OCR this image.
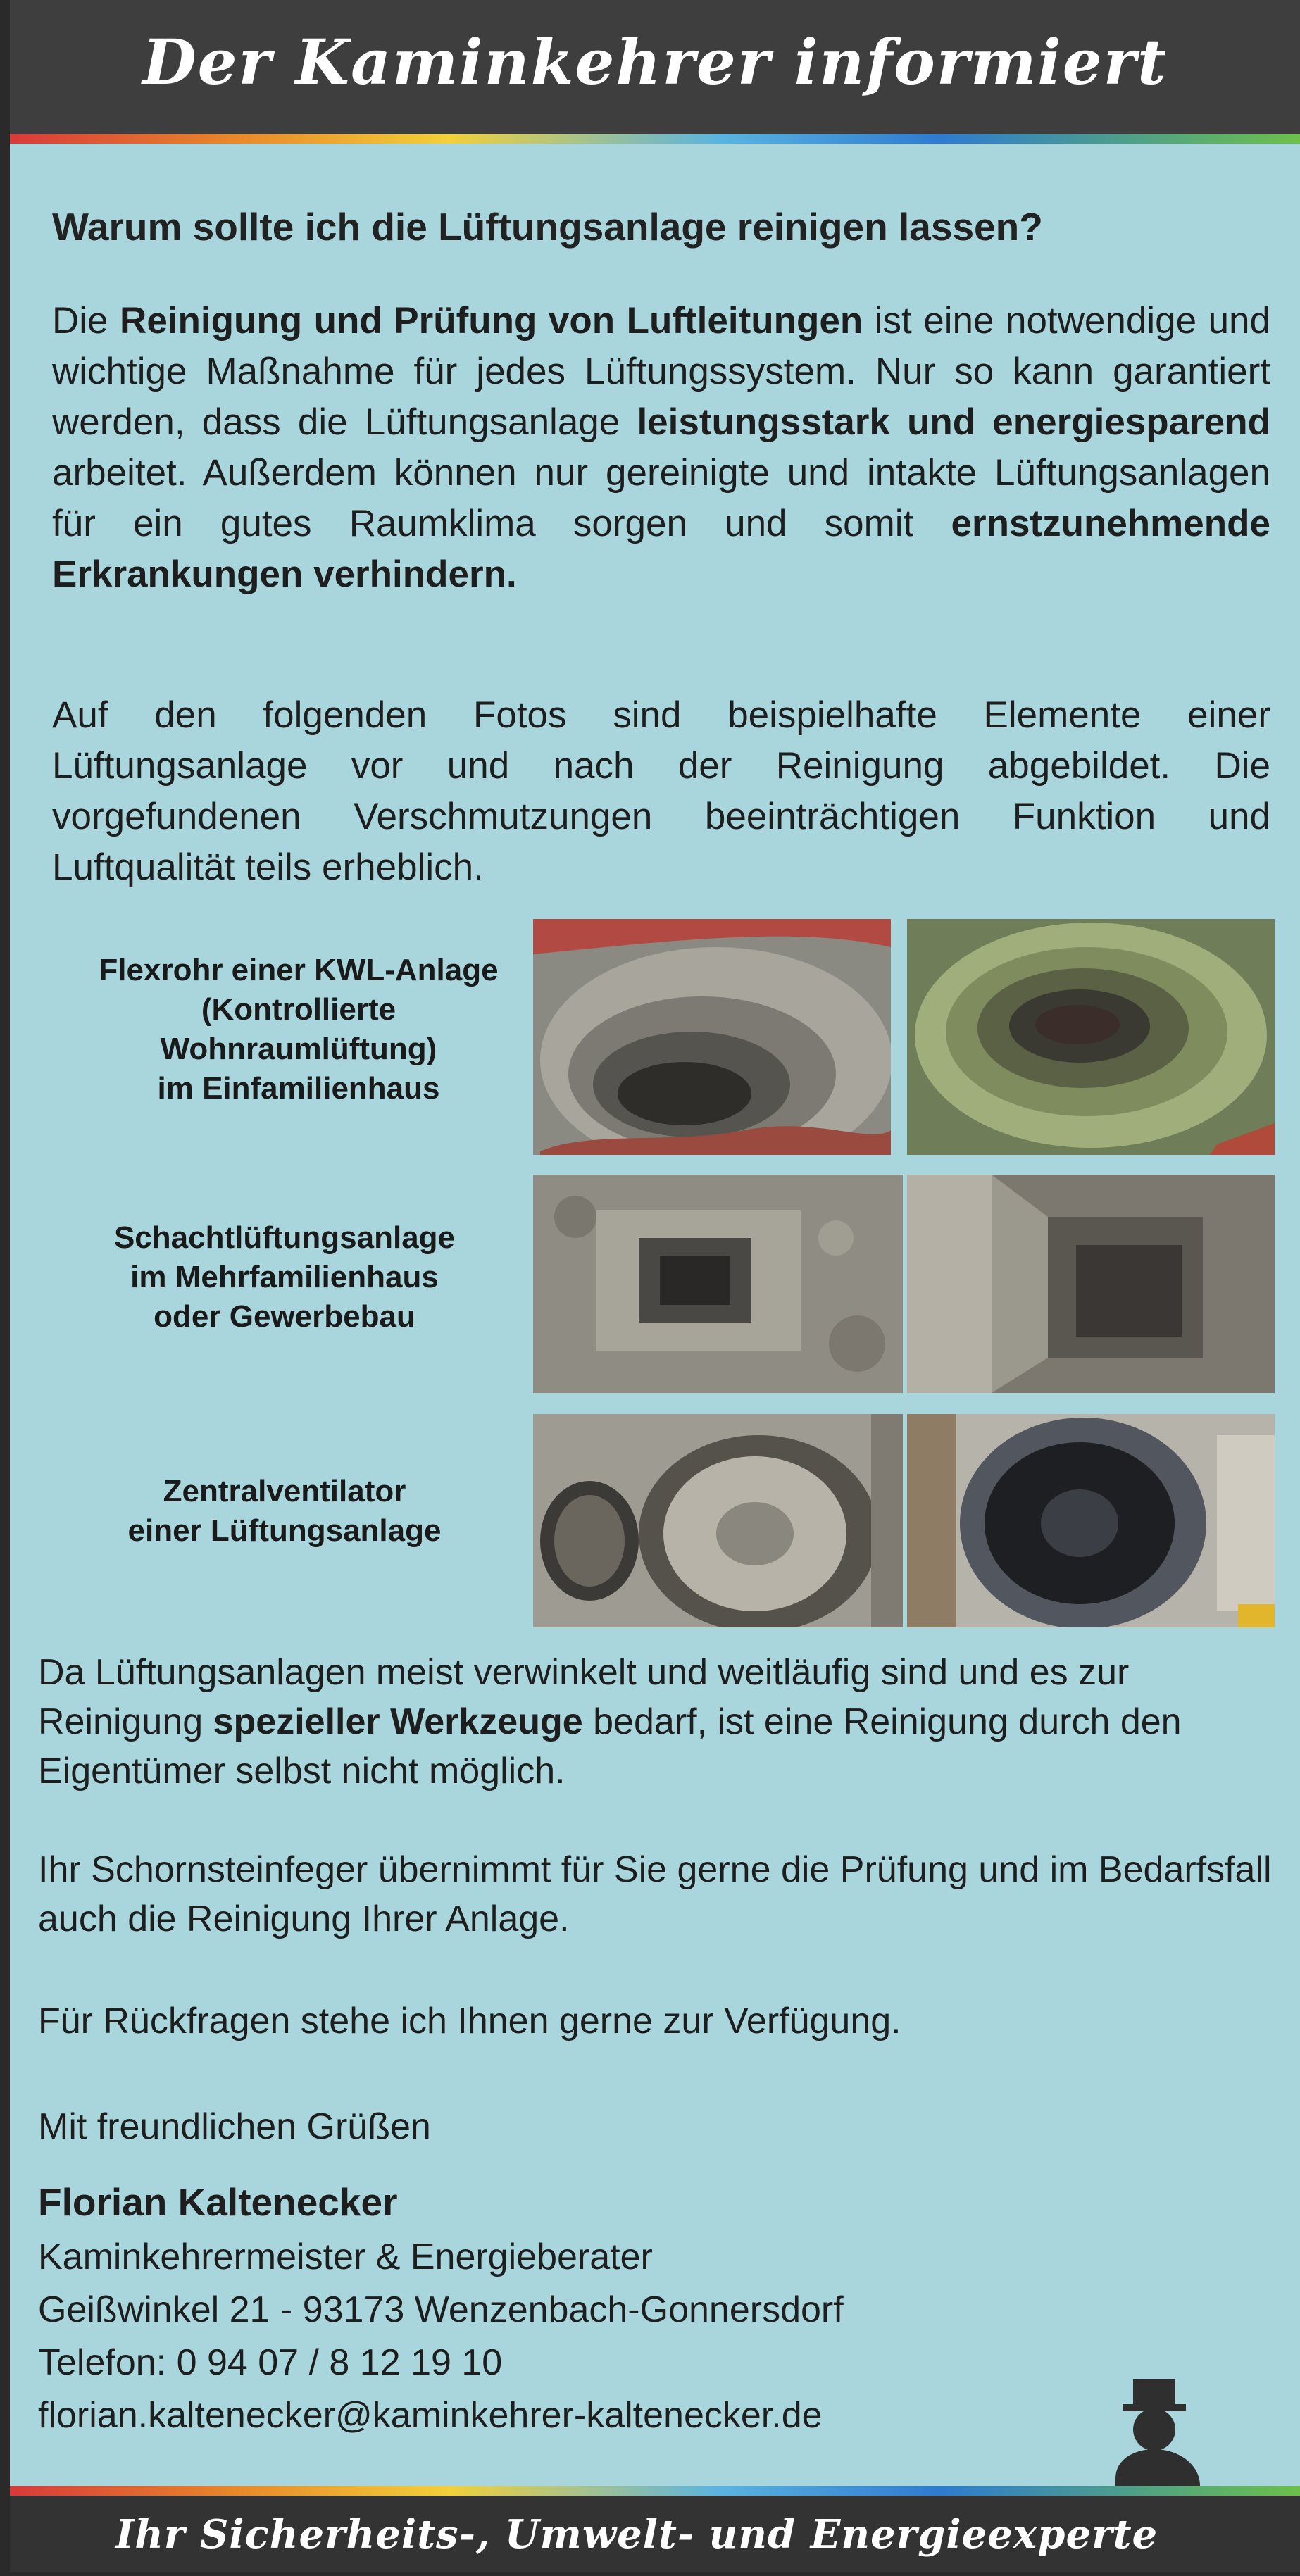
Der Kaminkehrer informiert
Warum sollte ich die Lüftungsanlage reinigen lassen?
Die Reinigung und Prüfung von Luftleitungen ist eine notwendige und wichtige Maßnahme für jedes Lüftungssystem. Nur so kann garantiert werden, dass die Lüftungsanlage leistungsstark und energiesparend arbeitet. Außerdem können nur gereinigte und intakte Lüftungsanlagen für ein gutes Raumklima sorgen und somit ernstzunehmende Erkrankungen verhindern.
Auf den folgenden Fotos sind beispielhafte Elemente einer Lüftungsanlage vor und nach der Reinigung abgebildet. Die vorgefundenen Verschmutzungen beeinträchtigen Funktion und Luftqualität teils erheblich.
Flexrohr einer KWL-Anlage
(Kontrollierte
Wohnraumlüftung)
im Einfamilienhaus
Schachtlüftungsanlage
im Mehrfamilienhaus
oder Gewerbebau
Zentralventilator
einer Lüftungsanlage
Da Lüftungsanlagen meist verwinkelt und weitläufig sind und es zur Reinigung spezieller Werkzeuge bedarf, ist eine Reinigung durch den Eigentümer selbst nicht möglich.
Ihr Schornsteinfeger übernimmt für Sie gerne die Prüfung und im Bedarfsfall auch die Reinigung Ihrer Anlage.
Für Rückfragen stehe ich Ihnen gerne zur Verfügung.
Mit freundlichen Grüßen
Florian Kaltenecker
Kaminkehrermeister & Energieberater
Geißwinkel 21 - 93173 Wenzenbach-Gonnersdorf
Telefon: 0 94 07 / 8 12 19 10
florian.kaltenecker@kaminkehrer-kaltenecker.de
Ihr Sicherheits-, Umwelt- und Energieexperte
